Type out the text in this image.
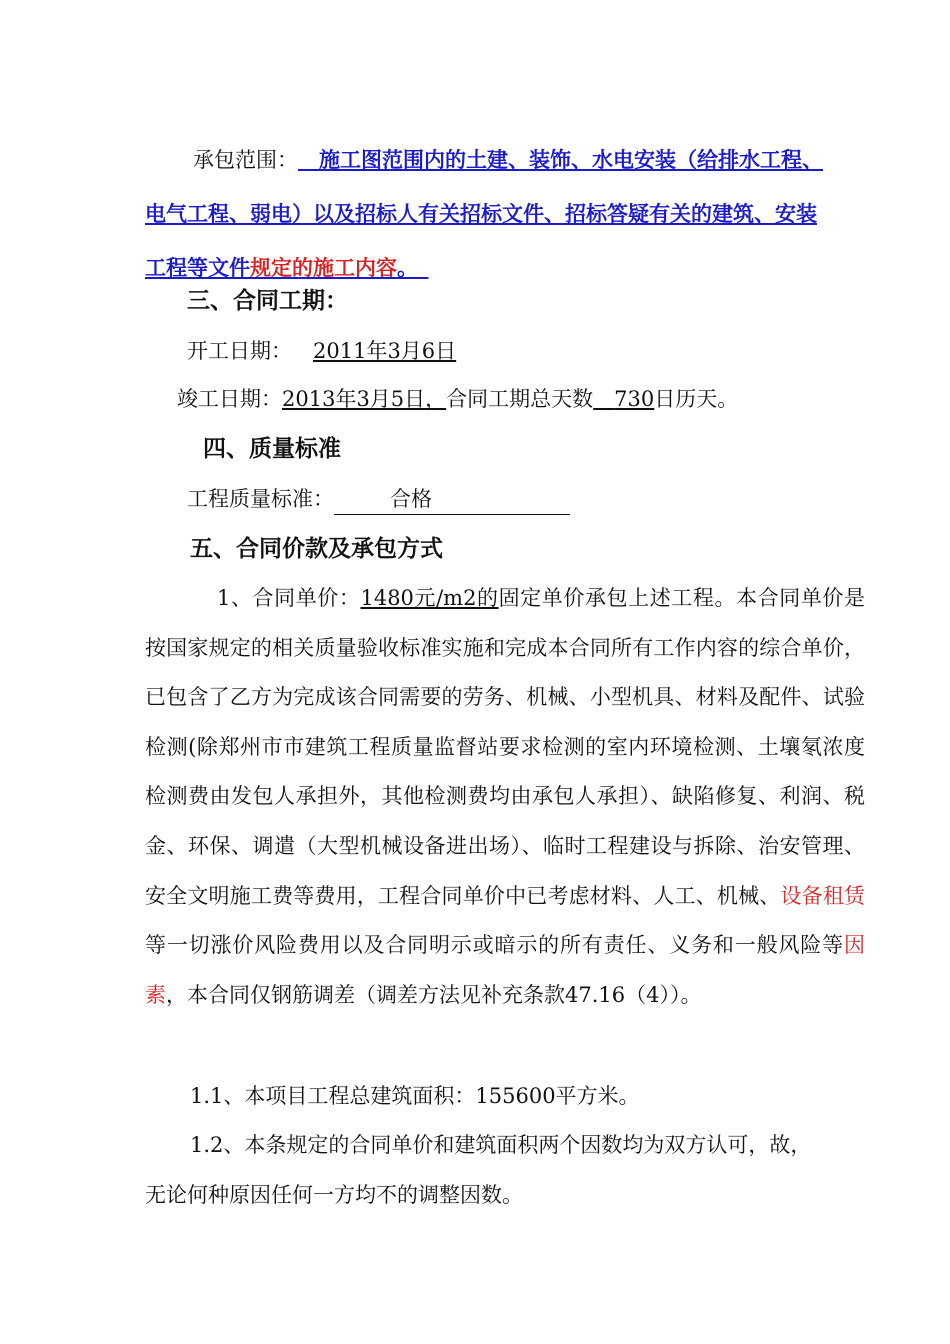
承包范围：   施工图范围内的土建、装饰、水电安装（给排水工程、
电气工程、弱电）以及招标人有关招标文件、招标答疑有关的建筑、安装
工程等文件规定的施工内容。 
三、合同工期：
开工日期：   2011年3月6日
竣工日期：2013年3月5日，合同工期总天数   730日历天。
四、质量标准
工程质量标准：	合格
五、合同价款及承包方式
1、合同单价：1480元/m2的固定单价承包上述工程。本合同单价是按国家规定的相关质量验收标准实施和完成本合同所有工作内容的综合单价，已包含了乙方为完成该合同需要的劳务、机械、小型机具、材料及配件、试验检测(除郑州市市建筑工程质量监督站要求检测的室内环境检测、土壤氡浓度检测费由发包人承担外，其他检测费均由承包人承担）、缺陷修复、利润、税金、环保、调遣（大型机械设备进出场）、临时工程建设与拆除、治安管理、安全文明施工费等费用，工程合同单价中已考虑材料、人工、机械、设备租赁等一切涨价风险费用以及合同明示或暗示的所有责任、义务和一般风险等因素，本合同仅钢筋调差（调差方法见补充条款47.16（4））。
1.1、本项目工程总建筑面积：155600平方米。
1.2、本条规定的合同单价和建筑面积两个因数均为双方认可，故，
无论何种原因任何一方均不的调整因数。
